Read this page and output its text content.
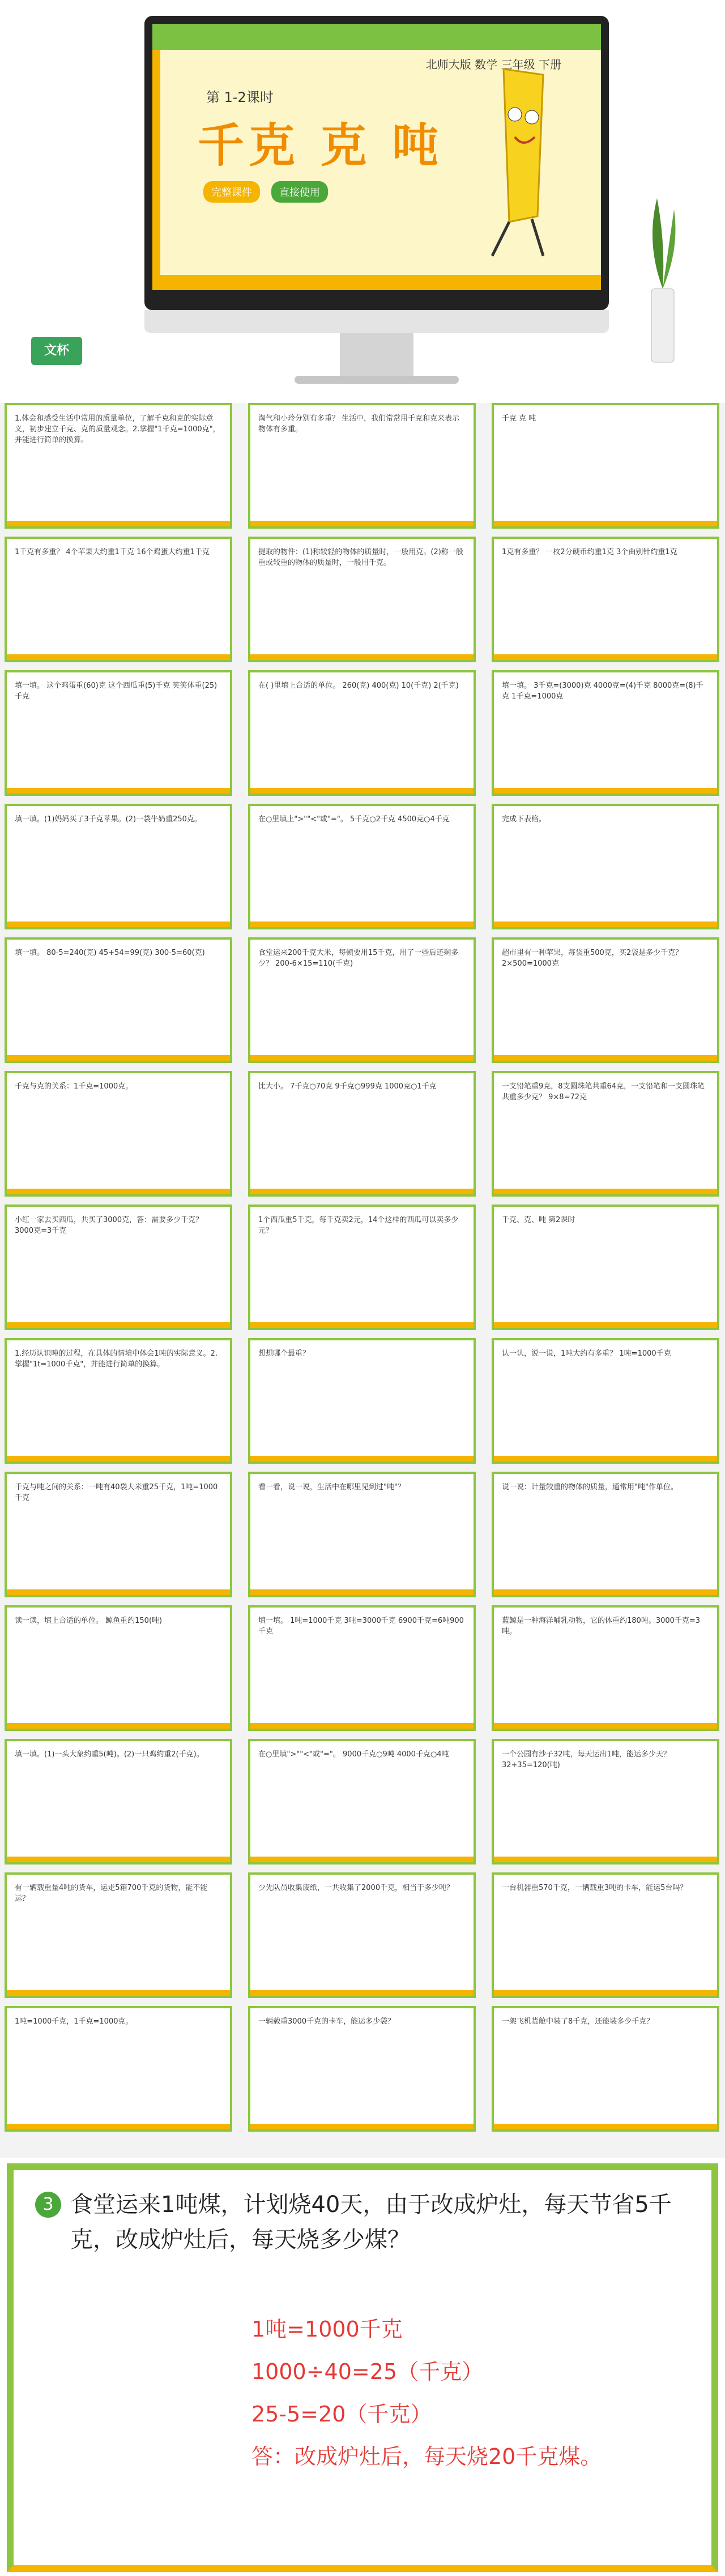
北师大版 数学 三年级 下册
第 1-2课时
千克 克 吨
完整课件	直接使用
文杯
1.体会和感受生活中常用的质量单位，了解千克和克的实际意义，初步建立千克、克的质量观念。2.掌握"1千克=1000克"，并能进行简单的换算。
淘气和小玲分别有多重？ 生活中，我们常常用千克和克来表示物体有多重。
千克 克 吨
1千克有多重？ 4个苹果大约重1千克 16个鸡蛋大约重1千克	提取的物件：(1)称较轻的物体的质量时，一般用克。(2)称一般重或较重的物体的质量时，一般用千克。
1克有多重？ 一枚2分硬币约重1克 3个曲别针约重1克
填一填。 这个鸡蛋重(60)克 这个西瓜重(5)千克 笑笑体重(25)千克
在( )里填上合适的单位。 260(克) 400(克) 10(千克) 2(千克)	填一填。 3千克=(3000)克 4000克=(4)千克 8000克=(8)千克 1千克=1000克
填一填。(1)妈妈买了3千克苹果。(2)一袋牛奶重250克。	在○里填上">""<"或"="。 5千克○2千克 4500克○4千克	完成下表格。
填一填。 80-5=240(克) 45+54=99(克) 300-5=60(克)	食堂运来200千克大米，每顿要用15千克，用了一些后还剩多少？ 200-6×15=110(千克)
超市里有一种苹果，每袋重500克，买2袋是多少千克？ 2×500=1000克
千克与克的关系：1千克=1000克。	比大小。 7千克○70克 9千克○999克 1000克○1千克	一支铅笔重9克，8支圆珠笔共重64克，一支铅笔和一支圆珠笔共重多少克？ 9×8=72克
小红一家去买西瓜，共买了3000克，答：需要多少千克？ 3000克=3千克
1个西瓜重5千克，每千克卖2元，14个这样的西瓜可以卖多少元？
千克、克、吨 第2课时
1.经历认识吨的过程，在具体的情境中体会1吨的实际意义。2.掌握"1t=1000千克"，并能进行简单的换算。
想想哪个最重？	认一认，说一说，1吨大约有多重？ 1吨=1000千克
千克与吨之间的关系：一吨有40袋大米重25千克，1吨=1000千克
看一看，说一说，生活中在哪里见到过"吨"？	说一说：计量较重的物体的质量，通常用"吨"作单位。
读一读，填上合适的单位。 鲸鱼重约150(吨)	填一填。 1吨=1000千克 3吨=3000千克 6900千克=6吨900千克
蓝鲸是一种海洋哺乳动物，它的体重约180吨。3000千克=3吨。
填一填。(1)一头大象约重5(吨)。(2)一只鸡约重2(千克)。	在○里填">""<"或"="。 9000千克○9吨 4000千克○4吨	一个公园有沙子32吨，每天运出1吨，能运多少天？ 32+35=120(吨)
有一辆载重量4吨的货车，运走5箱700千克的货物，能不能运？
少先队员收集废纸，一共收集了2000千克，相当于多少吨？	一台机器重570千克，一辆载重3吨的卡车，能运5台吗？
1吨=1000千克，1千克=1000克。	一辆载重3000千克的卡车，能运多少袋？	一架飞机货舱中装了8千克，还能装多少千克？
3 食堂运来1吨煤，计划烧40天，由于改成炉灶，每天节省5千克，改成炉灶后，每天烧多少煤？
1吨=1000千克
1000÷40=25（千克）
25-5=20（千克）
答：改成炉灶后，每天烧20千克煤。
